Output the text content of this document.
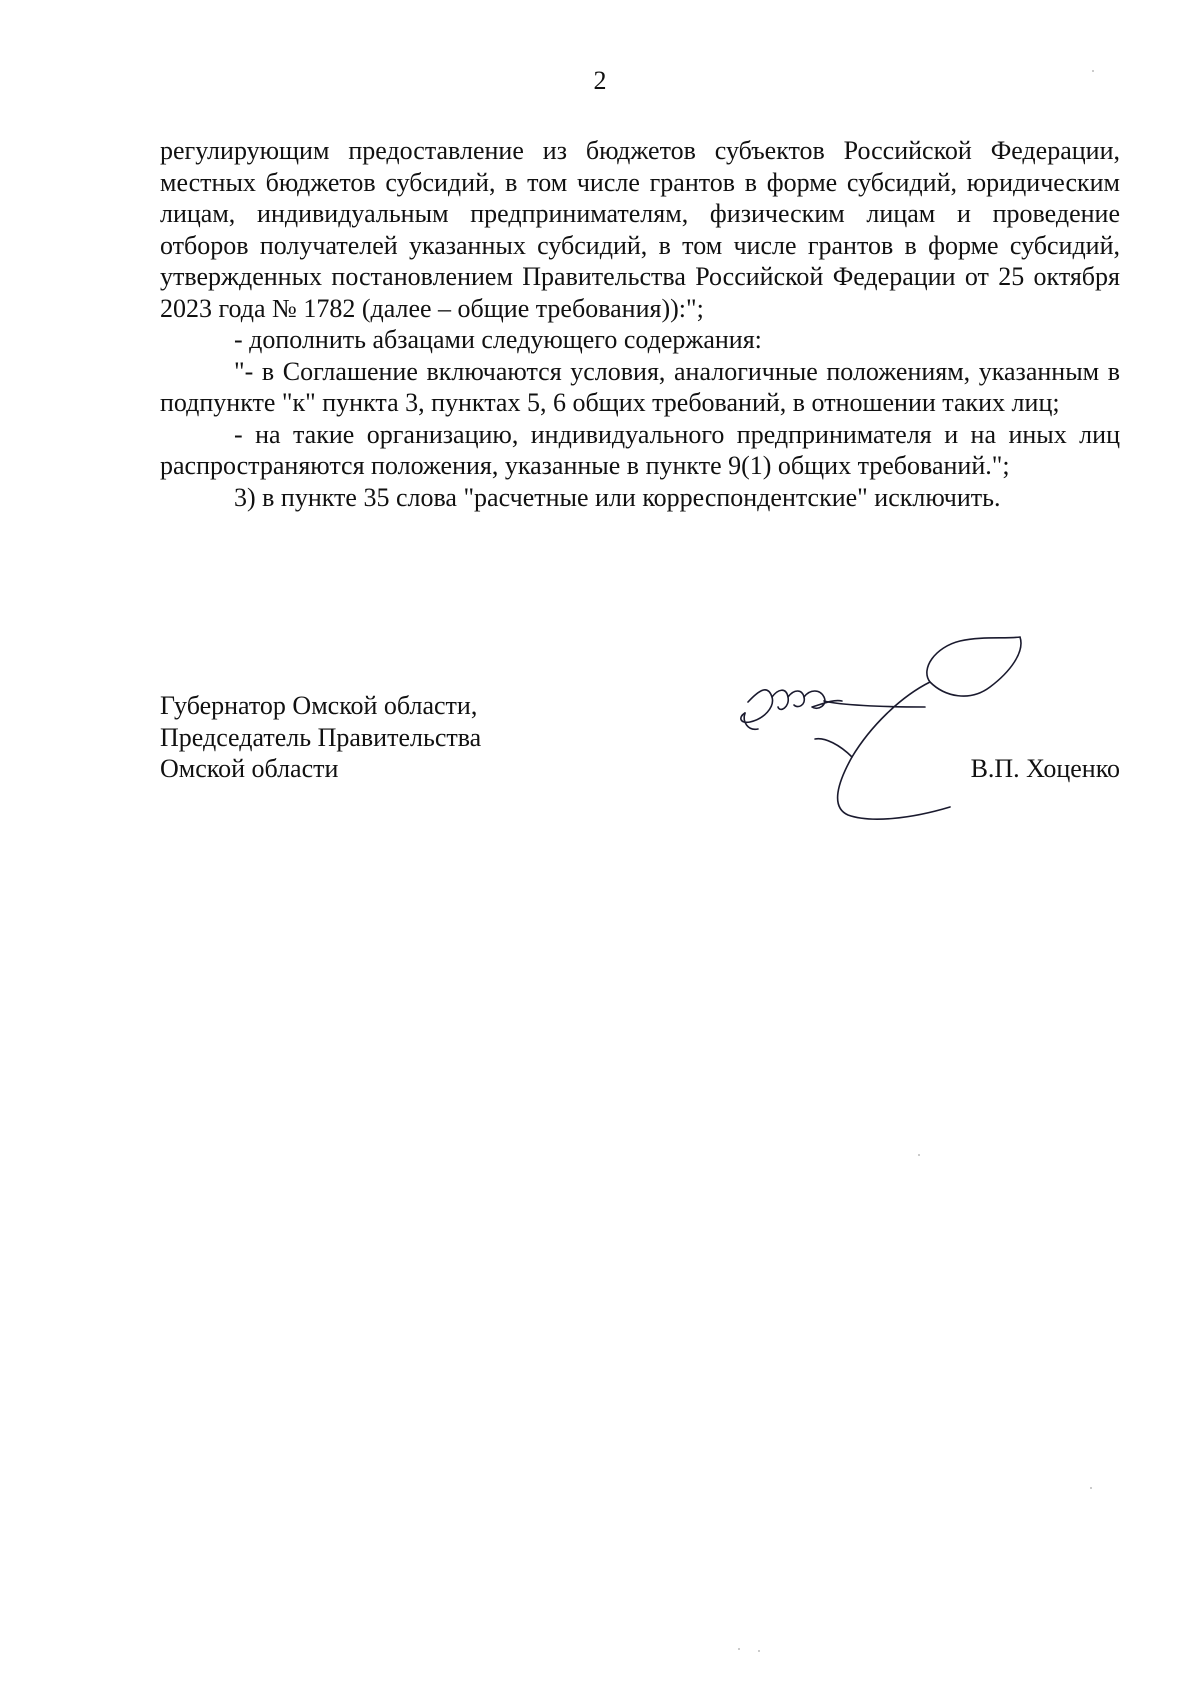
2

регулирующим предоставление из бюджетов субъектов Российской Федерации, местных бюджетов субсидий, в том числе грантов в форме субсидий, юридическим лицам, индивидуальным предпринимателям, физическим лицам и проведение отборов получателей указанных субсидий, в том числе грантов в форме субсидий, утвержденных постановлением Правительства Российской Федерации от 25 октября 2023 года № 1782 (далее – общие требования)):";

- дополнить абзацами следующего содержания:

"- в Соглашение включаются условия, аналогичные положениям, указанным в подпункте "к" пункта 3, пунктах 5, 6 общих требований, в отношении таких лиц;

- на такие организацию, индивидуального предпринимателя и на иных лиц распространяются положения, указанные в пункте 9(1) общих требований.";

3) в пункте 35 слова "расчетные или корреспондентские" исключить.

Губернатор Омской области,
Председатель Правительства
Омской области	В.П. Хоценко
